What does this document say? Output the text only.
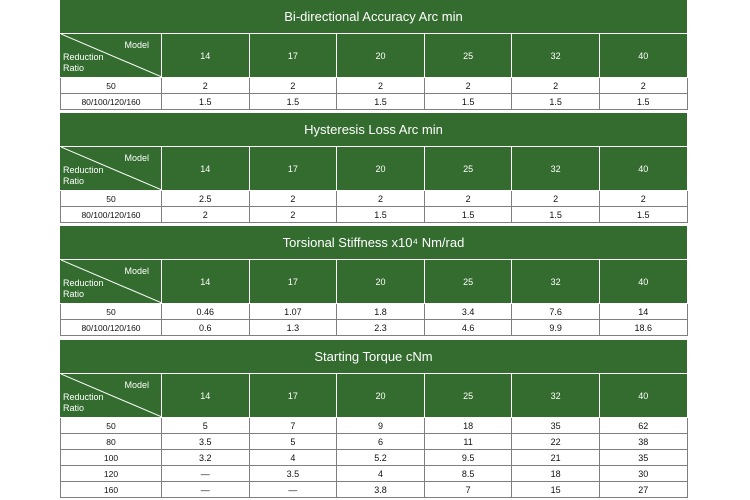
Bi-directional Accuracy Arc min
Model
Reduction
Ratio	14	17	20	25	32	40
50	2	2	2	2	2	2
80/100/120/160	1.5	1.5	1.5	1.5	1.5	1.5
Hysteresis Loss Arc min
Model
Reduction
Ratio	14	17	20	25	32	40
50	2.5	2	2	2	2	2
80/100/120/160	2	2	1.5	1.5	1.5	1.5
Torsional Stiffness x10⁴ Nm/rad
Model
Reduction
Ratio	14	17	20	25	32	40
50	0.46	1.07	1.8	3.4	7.6	14
80/100/120/160	0.6	1.3	2.3	4.6	9.9	18.6
Starting Torque cNm
Model
Reduction
Ratio	14	17	20	25	32	40
50	5	7	9	18	35	62
80	3.5	5	6	11	22	38
100	3.2	4	5.2	9.5	21	35
120	—	3.5	4	8.5	18	30
160	—	—	3.8	7	15	27
